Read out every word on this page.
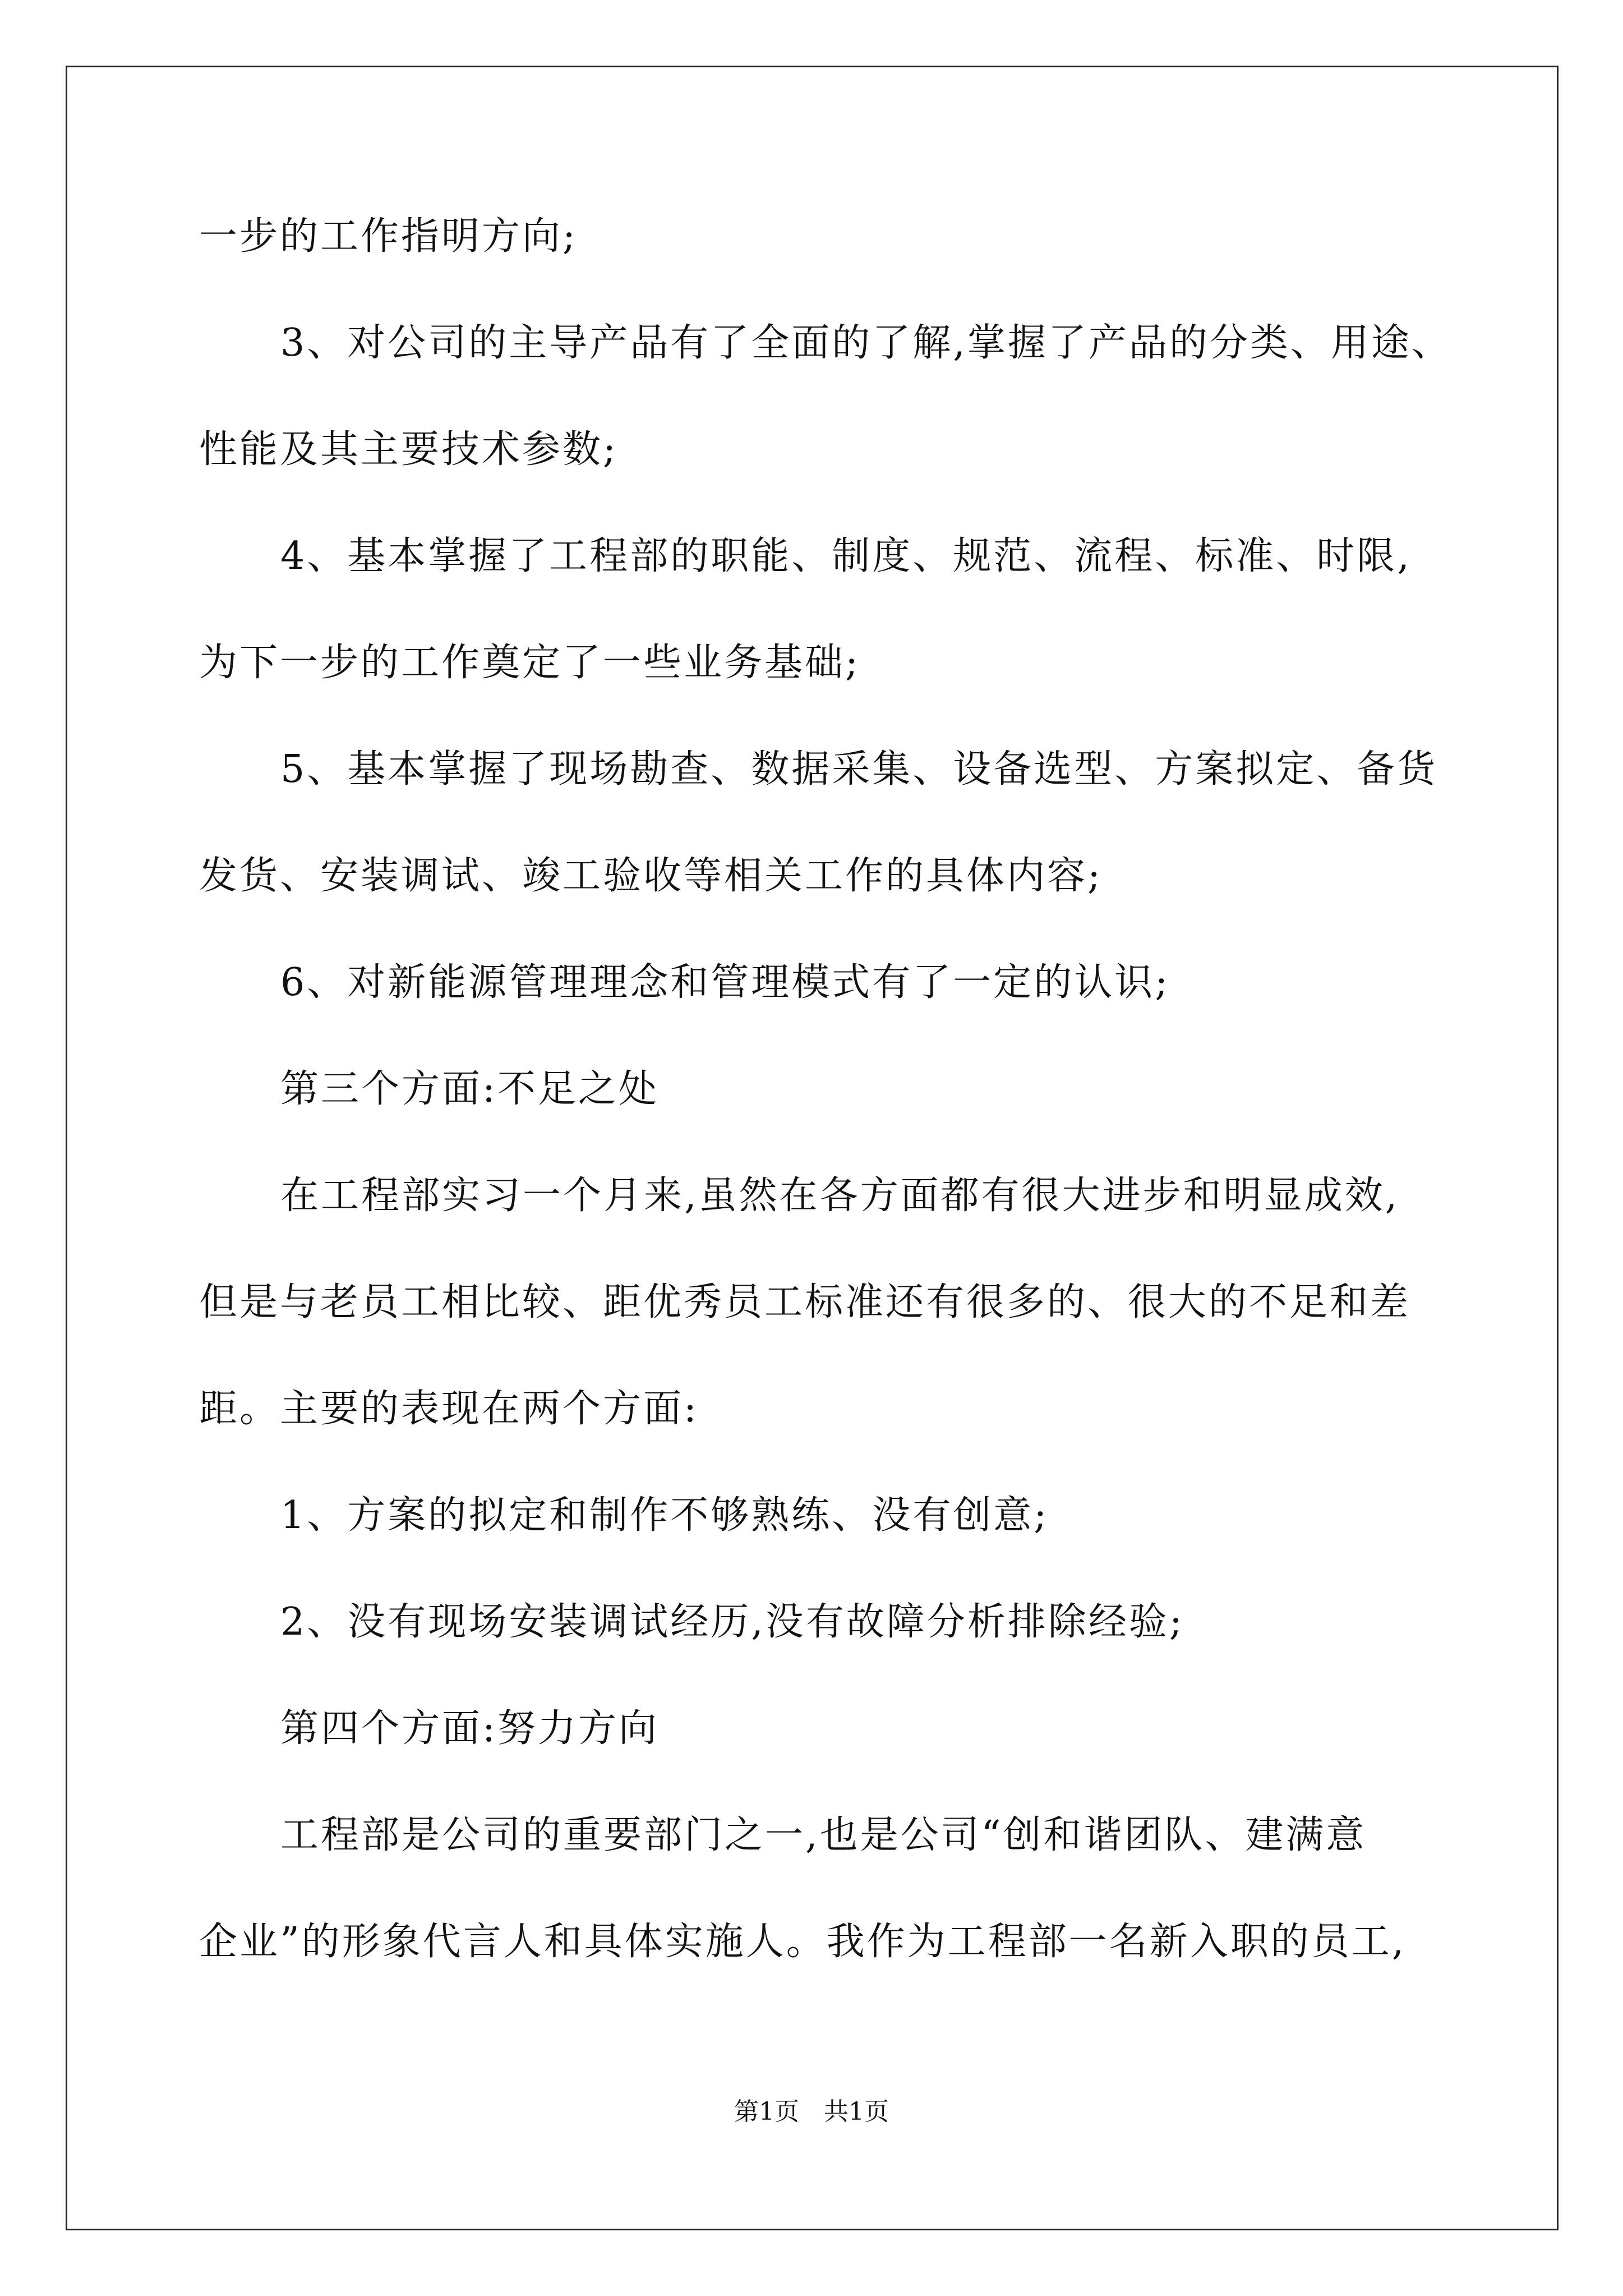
一步的工作指明方向;
3、对公司的主导产品有了全面的了解,掌握了产品的分类、用途、
性能及其主要技术参数;
4、基本掌握了工程部的职能、制度、规范、流程、标准、时限,
为下一步的工作奠定了一些业务基础;
5、基本掌握了现场勘查、数据采集、设备选型、方案拟定、备货
发货、安装调试、竣工验收等相关工作的具体内容;
6、对新能源管理理念和管理模式有了一定的认识;
第三个方面:不足之处
在工程部实习一个月来,虽然在各方面都有很大进步和明显成效,
但是与老员工相比较、距优秀员工标准还有很多的、很大的不足和差
距。主要的表现在两个方面:
1、方案的拟定和制作不够熟练、没有创意;
2、没有现场安装调试经历,没有故障分析排除经验;
第四个方面:努力方向
工程部是公司的重要部门之一,也是公司“创和谐团队、建满意
企业”的形象代言人和具体实施人。我作为工程部一名新入职的员工,
第1页　共1页
